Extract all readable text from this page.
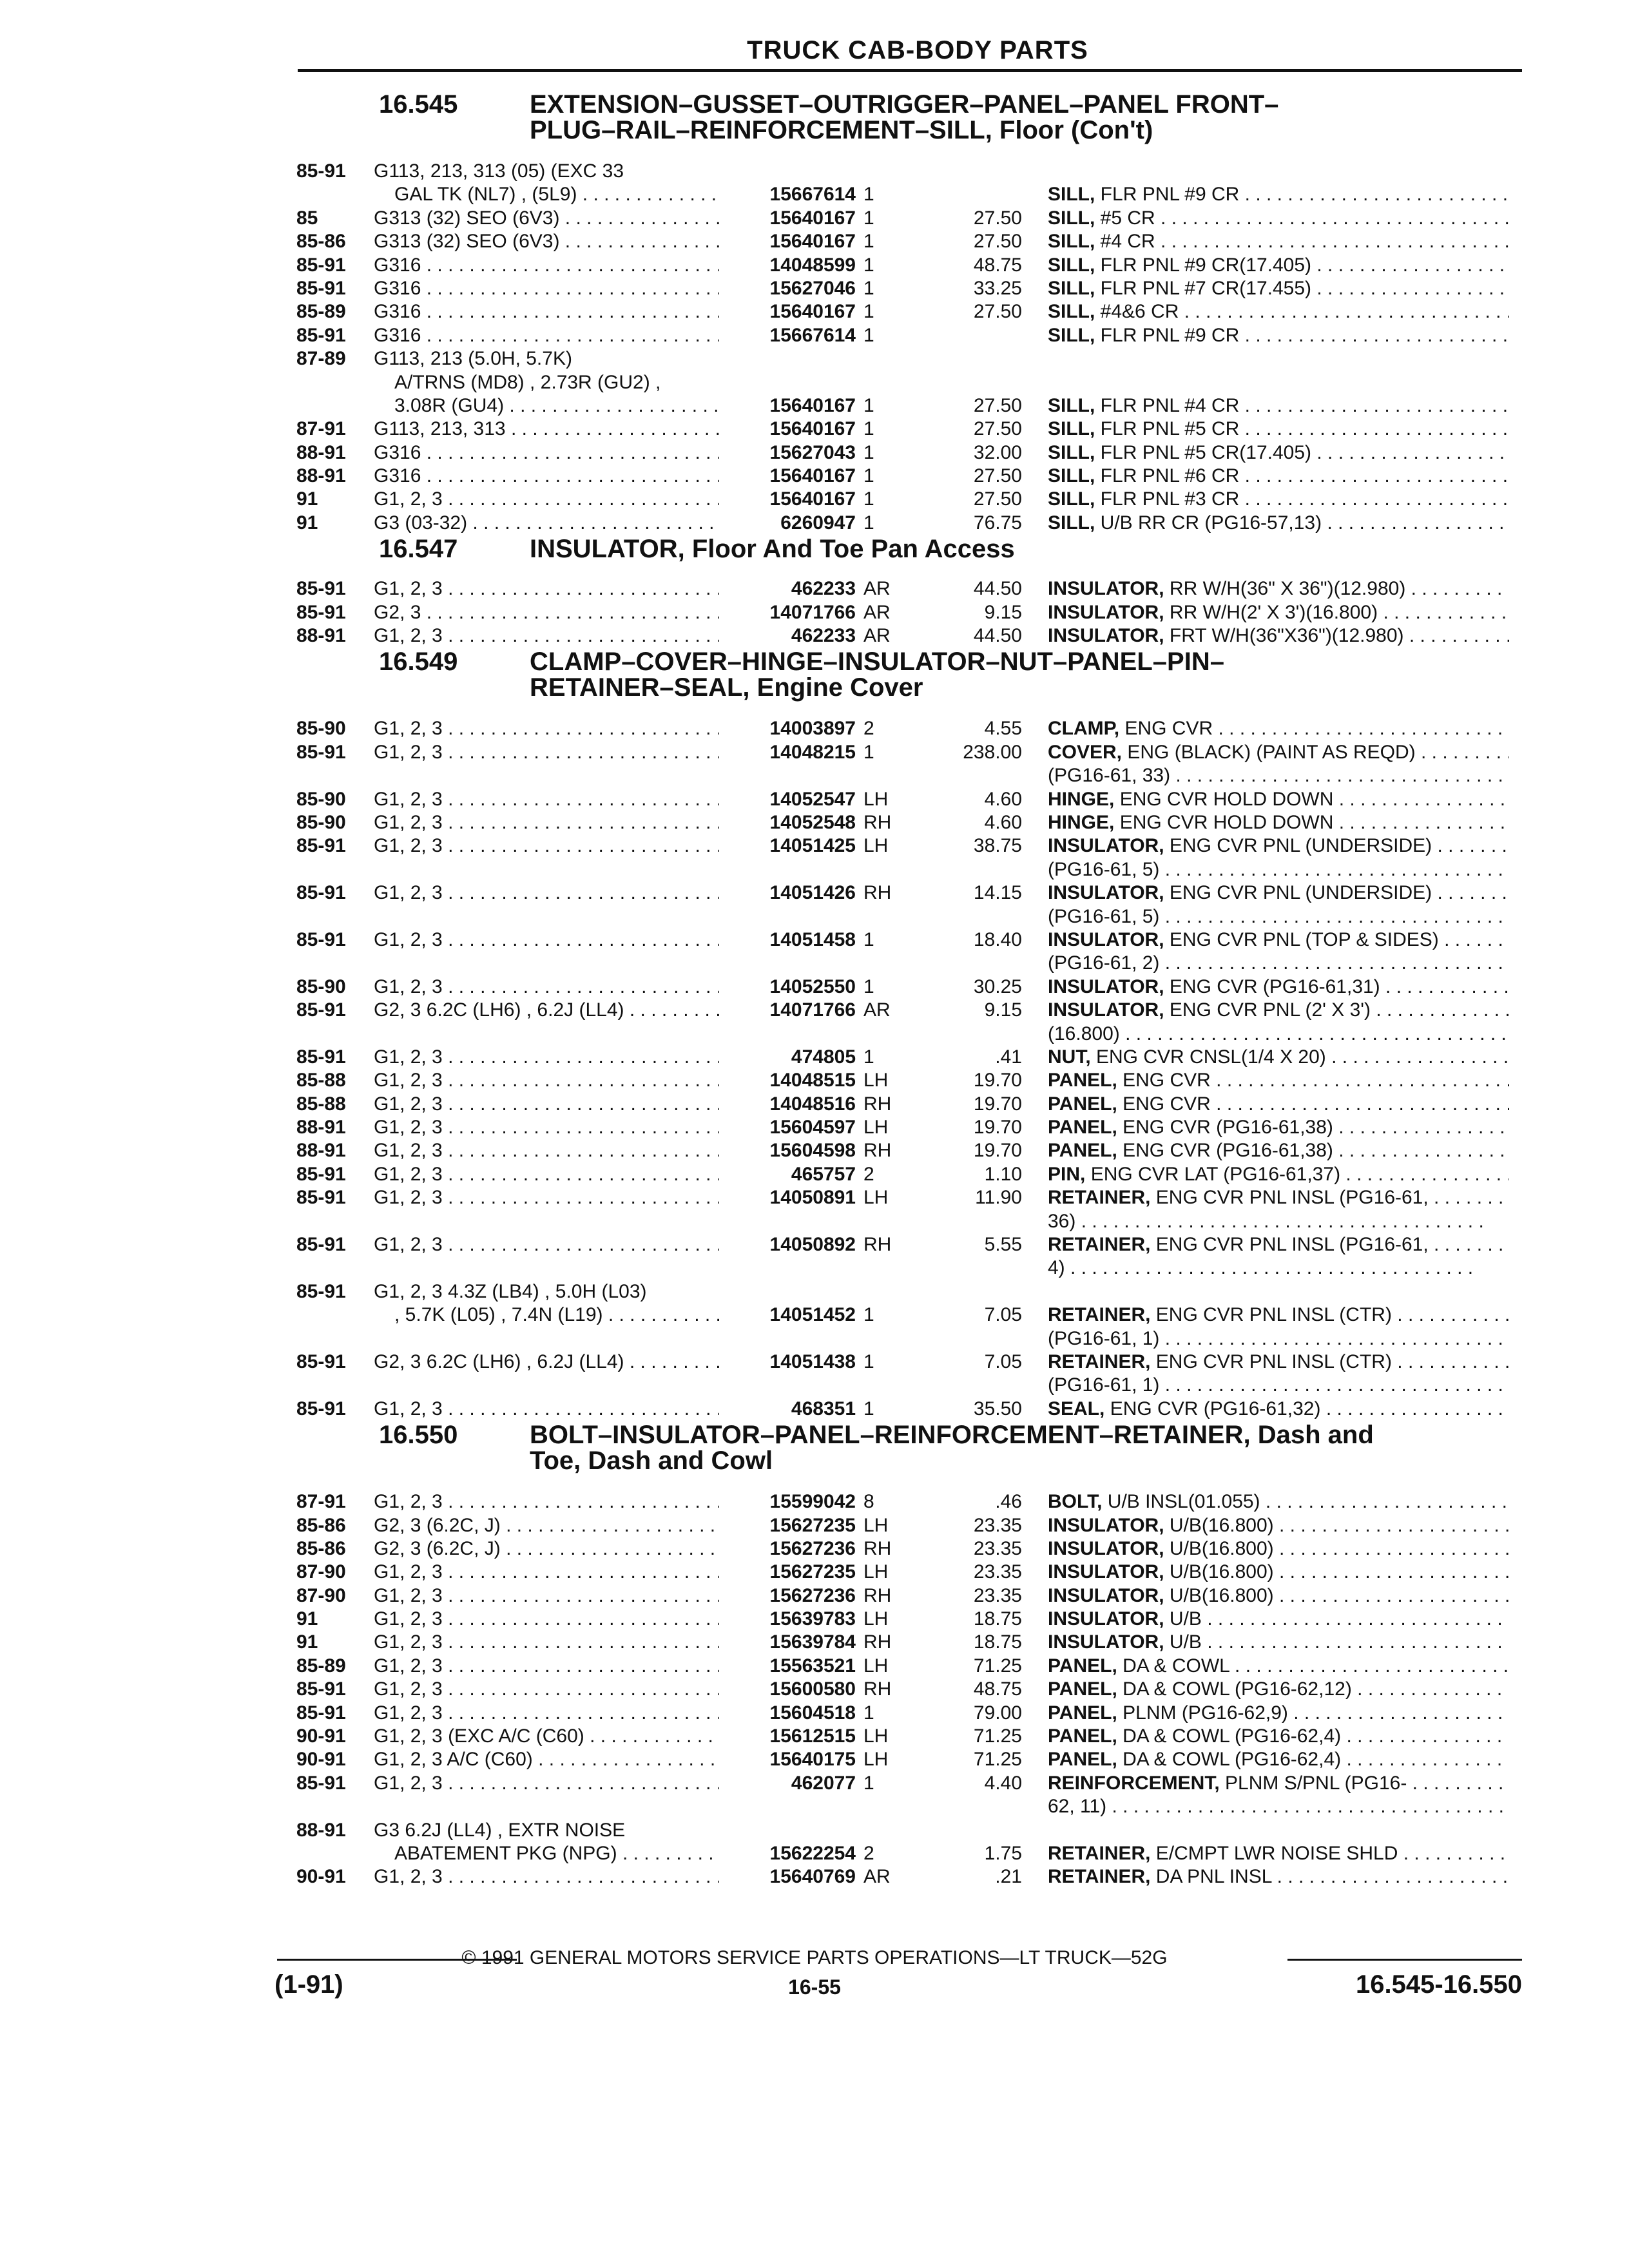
TRUCK CAB-BODY PARTS
16.545	EXTENSION–GUSSET–OUTRIGGER–PANEL–PANEL FRONT–
PLUG–RAIL–REINFORCEMENT–SILL, Floor (Con't)
85-91 G113, 213, 313 (05) (EXC 33
GAL TK (NL7) , (5L9) . . .	15667614 1	SILL, FLR PNL #9 CR . . .
85	G313 (32) SEO (6V3) . . .	15640167 1	27.50 SILL, #5 CR . . .
85-86 G313 (32) SEO (6V3) . . .	15640167 1	27.50 SILL, #4 CR . . .
85-91 G316 . . .	14048599 1	48.75 SILL, FLR PNL #9 CR(17.405) . . .
85-91 G316 . . .	15627046 1	33.25 SILL, FLR PNL #7 CR(17.455) . . .
85-89 G316 . . .	15640167 1	27.50 SILL, #4&6 CR . . .
85-91 G316 . . .	15667614 1	SILL, FLR PNL #9 CR . . .
87-89 G113, 213 (5.0H, 5.7K)
A/TRNS (MD8) , 2.73R (GU2) ,
3.08R (GU4) . . .	15640167 1	27.50 SILL, FLR PNL #4 CR . . .
87-91 G113, 213, 313 . . .	15640167 1	27.50 SILL, FLR PNL #5 CR . . .
88-91 G316 . . .	15627043 1	32.00 SILL, FLR PNL #5 CR(17.405) . . .
88-91 G316 . . .	15640167 1	27.50 SILL, FLR PNL #6 CR . . .
91	G1, 2, 3 . . .	15640167 1	27.50 SILL, FLR PNL #3 CR . . .
91	G3 (03-32) . . .	6260947 1	76.75 SILL, U/B RR CR (PG16-57,13) . . .
16.547	INSULATOR, Floor And Toe Pan Access
85-91 G1, 2, 3 . . .	462233 AR	44.50 INSULATOR, RR W/H(36" X 36")(12.980) . . .
85-91 G2, 3 . . .	14071766 AR	9.15 INSULATOR, RR W/H(2' X 3')(16.800) . . .
88-91 G1, 2, 3 . . .	462233 AR	44.50 INSULATOR, FRT W/H(36"X36")(12.980) . . .
16.549	CLAMP–COVER–HINGE–INSULATOR–NUT–PANEL–PIN–
RETAINER–SEAL, Engine Cover
85-90 G1, 2, 3 . . .	14003897 2	4.55 CLAMP, ENG CVR . . .
85-91 G1, 2, 3 . . .	14048215 1	238.00 COVER, ENG (BLACK) (PAINT AS REQD) . . .
(PG16-61, 33) . . .
85-90 G1, 2, 3 . . .	14052547 LH	4.60 HINGE, ENG CVR HOLD DOWN . . .
85-90 G1, 2, 3 . . .	14052548 RH	4.60 HINGE, ENG CVR HOLD DOWN . . .
85-91 G1, 2, 3 . . .	14051425 LH	38.75 INSULATOR, ENG CVR PNL (UNDERSIDE) . . .
(PG16-61, 5) . . .
85-91 G1, 2, 3 . . .	14051426 RH	14.15 INSULATOR, ENG CVR PNL (UNDERSIDE) . . .
(PG16-61, 5) . . .
85-91 G1, 2, 3 . . .	14051458 1	18.40 INSULATOR, ENG CVR PNL (TOP & SIDES) . . .
(PG16-61, 2) . . .
85-90 G1, 2, 3 . . .	14052550 1	30.25 INSULATOR, ENG CVR (PG16-61,31) . . .
85-91 G2, 3 6.2C (LH6) , 6.2J (LL4) . . .	14071766 AR	9.15 INSULATOR, ENG CVR PNL (2' X 3') . . .
(16.800) . . .
85-91 G1, 2, 3 . . .	474805 1	.41 NUT, ENG CVR CNSL(1/4 X 20) . . .
85-88 G1, 2, 3 . . .	14048515 LH	19.70 PANEL, ENG CVR . . .
85-88 G1, 2, 3 . . .	14048516 RH	19.70 PANEL, ENG CVR . . .
88-91 G1, 2, 3 . . .	15604597 LH	19.70 PANEL, ENG CVR (PG16-61,38) . . .
88-91 G1, 2, 3 . . .	15604598 RH	19.70 PANEL, ENG CVR (PG16-61,38) . . .
85-91 G1, 2, 3 . . .	465757 2	1.10 PIN, ENG CVR LAT (PG16-61,37) . . .
85-91 G1, 2, 3 . . .	14050891 LH	11.90 RETAINER, ENG CVR PNL INSL (PG16-61, . . .
36) . . .
85-91 G1, 2, 3 . . .	14050892 RH	5.55 RETAINER, ENG CVR PNL INSL (PG16-61, . . .
4) . . .
85-91 G1, 2, 3 4.3Z (LB4) , 5.0H (L03)
, 5.7K (L05) , 7.4N (L19) . . .	14051452 1	7.05 RETAINER, ENG CVR PNL INSL (CTR) . . .
(PG16-61, 1) . . .
85-91 G2, 3 6.2C (LH6) , 6.2J (LL4) . . .	14051438 1	7.05 RETAINER, ENG CVR PNL INSL (CTR) . . .
(PG16-61, 1) . . .
85-91 G1, 2, 3 . . .	468351 1	35.50 SEAL, ENG CVR (PG16-61,32) . . .
16.550	BOLT–INSULATOR–PANEL–REINFORCEMENT–RETAINER, Dash and
Toe, Dash and Cowl
87-91 G1, 2, 3 . . .	15599042 8	.46 BOLT, U/B INSL(01.055) . . .
85-86 G2, 3 (6.2C, J) . . .	15627235 LH	23.35 INSULATOR, U/B(16.800) . . .
85-86 G2, 3 (6.2C, J) . . .	15627236 RH	23.35 INSULATOR, U/B(16.800) . . .
87-90 G1, 2, 3 . . .	15627235 LH	23.35 INSULATOR, U/B(16.800) . . .
87-90 G1, 2, 3 . . .	15627236 RH	23.35 INSULATOR, U/B(16.800) . . .
91	G1, 2, 3 . . .	15639783 LH	18.75 INSULATOR, U/B . . .
91	G1, 2, 3 . . .	15639784 RH	18.75 INSULATOR, U/B . . .
85-89 G1, 2, 3 . . .	15563521 LH	71.25 PANEL, DA & COWL . . .
85-91 G1, 2, 3 . . .	15600580 RH	48.75 PANEL, DA & COWL (PG16-62,12) . . .
85-91 G1, 2, 3 . . .	15604518 1	79.00 PANEL, PLNM (PG16-62,9) . . .
90-91 G1, 2, 3 (EXC A/C (C60) . . .	15612515 LH	71.25 PANEL, DA & COWL (PG16-62,4) . . .
90-91 G1, 2, 3 A/C (C60) . . .	15640175 LH	71.25 PANEL, DA & COWL (PG16-62,4) . . .
85-91 G1, 2, 3 . . .	462077 1	4.40 REINFORCEMENT, PLNM S/PNL (PG16- . . .
62, 11) . . .
88-91 G3 6.2J (LL4) , EXTR NOISE
ABATEMENT PKG (NPG) . . .	15622254 2	1.75 RETAINER, E/CMPT LWR NOISE SHLD . . .
90-91 G1, 2, 3 . . .	15640769 AR	.21 RETAINER, DA PNL INSL . . .
© 1991 GENERAL MOTORS SERVICE PARTS OPERATIONS—LT TRUCK—52G
(1-91)	16-55	16.545-16.550
